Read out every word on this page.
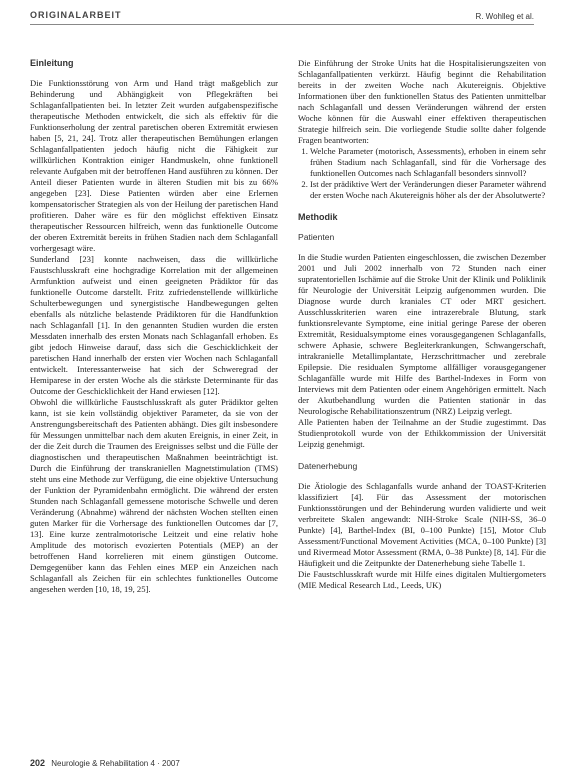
ORIGINALARBEIT	R. Wohlleg et al.
Einleitung

Die Funktionsstörung von Arm und Hand trägt maßgeblich zur Behinderung und Abhängigkeit von Pflegekräften bei Schlaganfallpatienten bei. In letzter Zeit wurden aufgabenspezifische therapeutische Methoden entwickelt, die sich als effektiv für die Funktionserholung der zentral paretischen oberen Extremität erwiesen haben [5, 21, 24]. Trotz aller therapeutischen Bemühungen erlangen Schlaganfallpatienten jedoch häufig nicht die Fähigkeit zur willkürlichen Kontraktion einiger Handmuskeln, ohne funktionell relevante Aufgaben mit der betroffenen Hand ausführen zu können. Der Anteil dieser Patienten wurde in älteren Studien mit bis zu 66% angegeben [23]. Diese Patienten würden aber eine Erlernen kompensatorischer Strategien als von der Heilung der paretischen Hand profitieren. Daher wäre es für den möglichst effektiven Einsatz therapeutischer Ressourcen hilfreich, wenn das funktionelle Outcome der oberen Extremität bereits in frühen Stadien nach dem Schlaganfall vorhergesagt wäre.

Sunderland [23] konnte nachweisen, dass die willkürliche Faustschlusskraft eine hochgradige Korrelation mit der allgemeinen Armfunktion aufweist und einen geeigneten Prädiktor für das funktionelle Outcome darstellt. Fritz zufriedenstellende willkürliche Schulterbewegungen und synergistische Handbewegungen gelten ebenfalls als nützliche belastende Prädiktoren für die Handfunktion nach Schlaganfall [1]. In den genannten Studien wurden die ersten Messdaten innerhalb des ersten Monats nach Schlaganfall erhoben. Es gibt jedoch Hinweise darauf, dass sich die Geschicklichkeit der paretischen Hand innerhalb der ersten vier Wochen nach Schlaganfall entwickelt. Interessanterweise hat sich der Schweregrad der Hemiparese in der ersten Woche als die stärkste Determinante für das Outcome der Geschicklichkeit der Hand erwiesen [12].

Obwohl die willkürliche Faustschlusskraft als guter Prädiktor gelten kann, ist sie kein vollständig objektiver Parameter, da sie von der Anstrengungsbereitschaft des Patienten abhängt. Dies gilt insbesondere für Messungen unmittelbar nach dem akuten Ereignis, in einer Zeit, in der die Zeit durch die Traumen des Ereignisses selbst und die Fülle der diagnostischen und therapeutischen Maßnahmen beeinträchtigt ist. Durch die Einführung der transkraniellen Magnetstimulation (TMS) steht uns eine Methode zur Verfügung, die eine objektive Untersuchung der Funktion der Pyramidenbahn ermöglicht. Die während der ersten Stunden nach Schlaganfall gemessene motorische Schwelle und deren Veränderung (Abnahme) während der nächsten Wochen stellten einen guten Marker für die Vorhersage des funktionellen Outcomes dar [7, 13]. Eine kurze zentralmotorische Leitzeit und eine relativ hohe Amplitude des motorisch evozierten Potentials (MEP) an der betroffenen Hand korrelieren mit einem günstigen Outcome. Demgegenüber kann das Fehlen eines MEP ein Anzeichen nach Schlaganfall als Zeichen für ein schlechtes funktionelles Outcome angesehen werden [10, 18, 19, 25].

Die Einführung der Stroke Units hat die Hospitalisierungszeiten von Schlaganfallpatienten verkürzt. Häufig beginnt die Rehabilitation bereits in der zweiten Woche nach Akutereignis. Objektive Informationen über den funktionellen Status des Patienten unmittelbar nach Schlaganfall und dessen Veränderungen während der ersten Woche können für die Auswahl einer effektiven therapeutischen Strategie hilfreich sein. Die vorliegende Studie sollte daher folgende Fragen beantworten:

1. Welche Parameter (motorisch, Assessments), erhoben in einem sehr frühen Stadium nach Schlaganfall, sind für die Vorhersage des funktionellen Outcomes nach Schlaganfall besonders sinnvoll?
2. Ist der prädiktive Wert der Veränderungen dieser Parameter während der ersten Woche nach Akutereignis höher als der der Absolutwerte?
Methodik
Patienten

In die Studie wurden Patienten eingeschlossen, die zwischen Dezember 2001 und Juli 2002 innerhalb von 72 Stunden nach einer supratentoriellen Ischämie auf die Stroke Unit der Klinik und Poliklinik für Neurologie der Universität Leipzig aufgenommen wurden. Die Diagnose wurde durch kraniales CT oder MRT gesichert. Ausschlusskriterien waren eine intrazerebrale Blutung, stark funktionsrelevante Symptome, eine initial geringe Parese der oberen Extremität, Residualsymptome eines vorausgegangenen Schlaganfalls, schwere Aphasie, schwere Begleiterkrankungen, Schwangerschaft, intrakranielle Metallimplantate, Herzschrittmacher und zerebrale Epilepsie. Die residualen Symptome allfälliger vorausgegangener Schlaganfälle wurde mit Hilfe des Barthel-Indexes in Form von Interviews mit dem Patienten oder einem Angehörigen ermittelt. Nach der Akutbehandlung wurden die Patienten stationär in das Neurologische Rehabilitationszentrum (NRZ) Leipzig verlegt.

Alle Patienten haben der Teilnahme an der Studie zugestimmt. Das Studienprotokoll wurde von der Ethikkommission der Universität Leipzig genehmigt.

Datenerhebung

Die Ätiologie des Schlaganfalls wurde anhand der TOAST-Kriterien klassifiziert [4]. Für das Assessment der motorischen Funktionsstörungen und der Behinderung wurden validierte und weit verbreitete Skalen angewandt: NIH-Stroke Scale (NIH-SS, 36–0 Punkte) [4], Barthel-Index (BI, 0–100 Punkte) [15], Motor Club Assessment/Functional Movement Activities (MCA, 0–100 Punkte) [3] und Rivermead Motor Assessment (RMA, 0–38 Punkte) [8, 14]. Für die Häufigkeit und die Zeitpunkte der Datenerhebung siehe Tabelle 1.

Die Faustschlusskraft wurde mit Hilfe eines digitalen Multiergometers (MIE Medical Research Ltd., Leeds, UK)

202 Neurologie & Rehabilitation 4 · 2007
